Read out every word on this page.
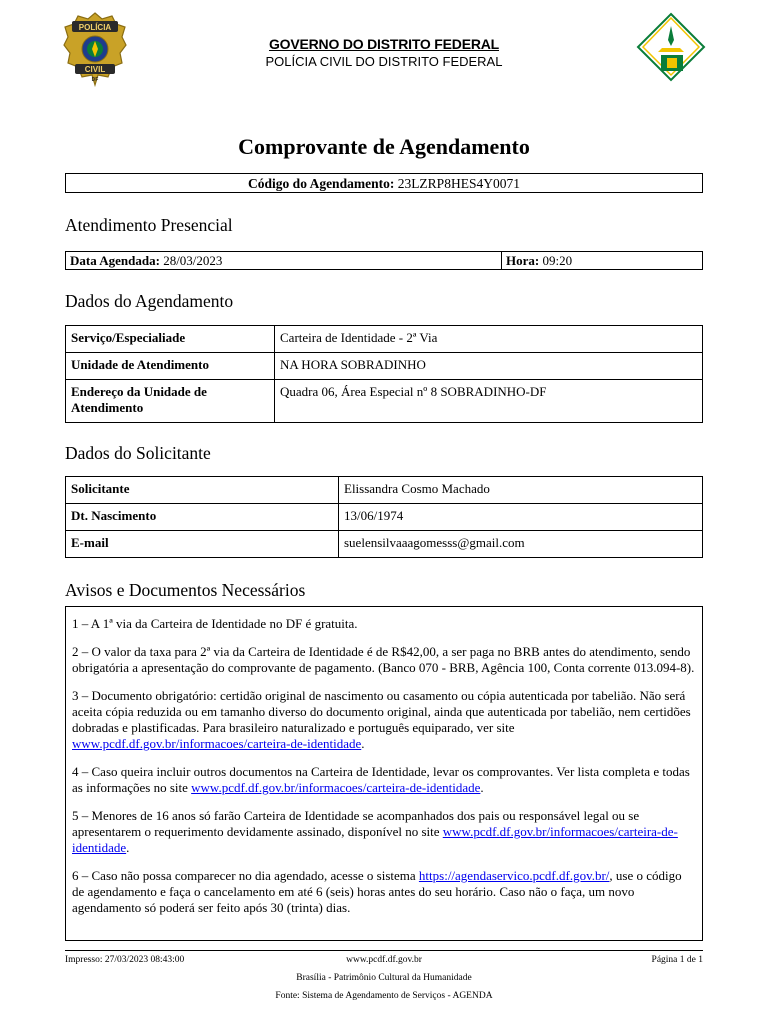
POLÍCIA
CIVIL
DF
GOVERNO DO DISTRITO FEDERAL
POLÍCIA CIVIL DO DISTRITO FEDERAL
Comprovante de Agendamento
Código do Agendamento: 23LZRP8HES4Y0071
Atendimento Presencial
Data Agendada: 28/03/2023	Hora: 09:20
Dados do Agendamento
Serviço/Especialiade	Carteira de Identidade - 2ª Via
Unidade de Atendimento	NA HORA SOBRADINHO
Endereço da Unidade de Atendimento	Quadra 06, Área Especial nº 8 SOBRADINHO-DF
Dados do Solicitante
Solicitante	Elissandra Cosmo Machado
Dt. Nascimento	13/06/1974
E-mail	suelensilvaaagomesss@gmail.com
Avisos e Documentos Necessários

1 – A 1ª via da Carteira de Identidade no DF é gratuita.

2 – O valor da taxa para 2ª via da Carteira de Identidade é de R$42,00, a ser paga no BRB antes do atendimento, sendo obrigatória a apresentação do comprovante de pagamento. (Banco 070 - BRB, Agência 100, Conta corrente 013.094-8).

3 – Documento obrigatório: certidão original de nascimento ou casamento ou cópia autenticada por tabelião. Não será aceita cópia reduzida ou em tamanho diverso do documento original, ainda que autenticada por tabelião, nem certidões dobradas e plastificadas. Para brasileiro naturalizado e português equiparado, ver site www.pcdf.df.gov.br/informacoes/carteira-de-identidade.

4 – Caso queira incluir outros documentos na Carteira de Identidade, levar os comprovantes. Ver lista completa e todas as informações no site www.pcdf.df.gov.br/informacoes/carteira-de-identidade.

5 – Menores de 16 anos só farão Carteira de Identidade se acompanhados dos pais ou responsável legal ou se apresentarem o requerimento devidamente assinado, disponível no site www.pcdf.df.gov.br/informacoes/carteira-de-identidade.

6 – Caso não possa comparecer no dia agendado, acesse o sistema https://agendaservico.pcdf.df.gov.br/, use o código de agendamento e faça o cancelamento em até 6 (seis) horas antes do seu horário. Caso não o faça, um novo agendamento só poderá ser feito após 30 (trinta) dias.

Impresso: 27/03/2023 08:43:00	www.pcdf.df.gov.br	Página 1 de 1
Brasília - Patrimônio Cultural da Humanidade
Fonte: Sistema de Agendamento de Serviços - AGENDA
